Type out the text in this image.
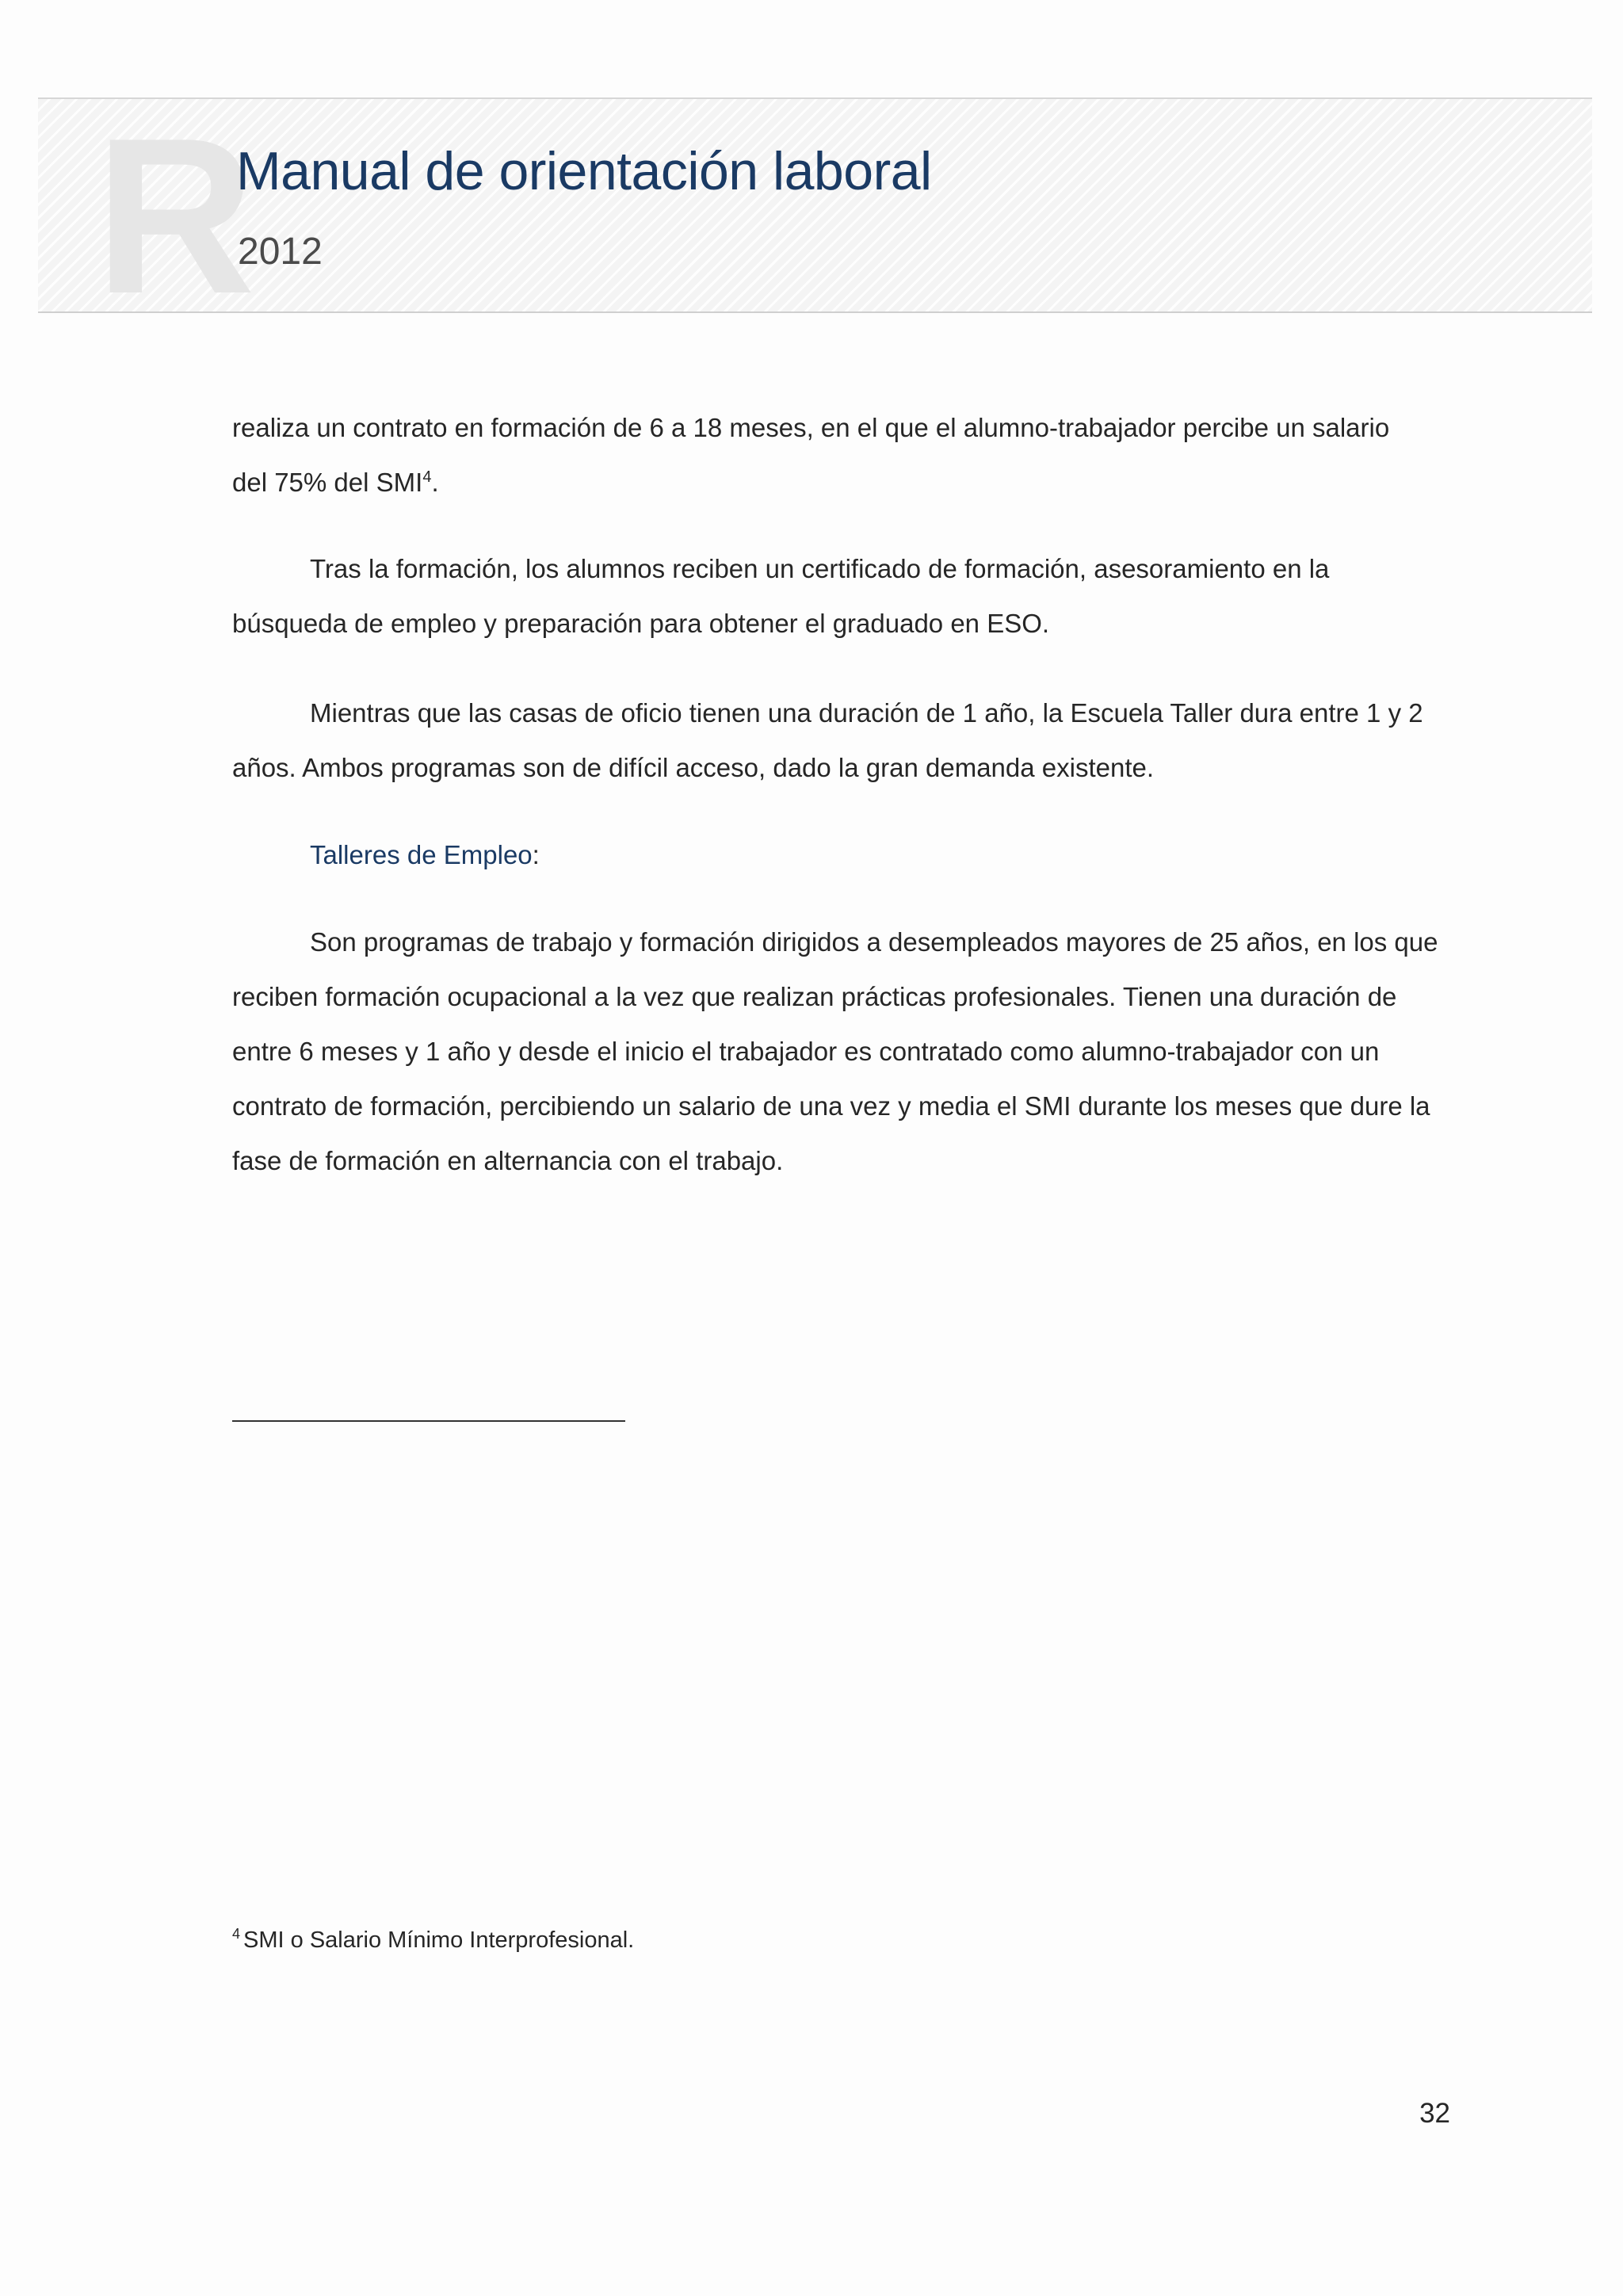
R
Manual de orientación laboral
2012

realiza un contrato en formación de 6 a 18 meses, en el que el alumno-trabajador percibe un salario
del 75% del SMI$^4$.

Tras la formación, los alumnos reciben un certificado de formación, asesoramiento en la búsqueda de empleo y preparación para obtener el graduado en ESO.

Mientras que las casas de oficio tienen una duración de 1 año, la Escuela Taller dura entre 1 y 2 años. Ambos programas son de difícil acceso, dado la gran demanda existente.

Talleres de Empleo:

Son programas de trabajo y formación dirigidos a desempleados mayores de 25 años, en los que reciben formación ocupacional a la vez que realizan prácticas profesionales. Tienen una duración de entre 6 meses y 1 año y desde el inicio el trabajador es contratado como alumno-trabajador con un contrato de formación, percibiendo un salario de una vez y media el SMI durante los meses que dure la fase de formación en alternancia con el trabajo.

$^4$ SMI o Salario Mínimo Interprofesional.
32
